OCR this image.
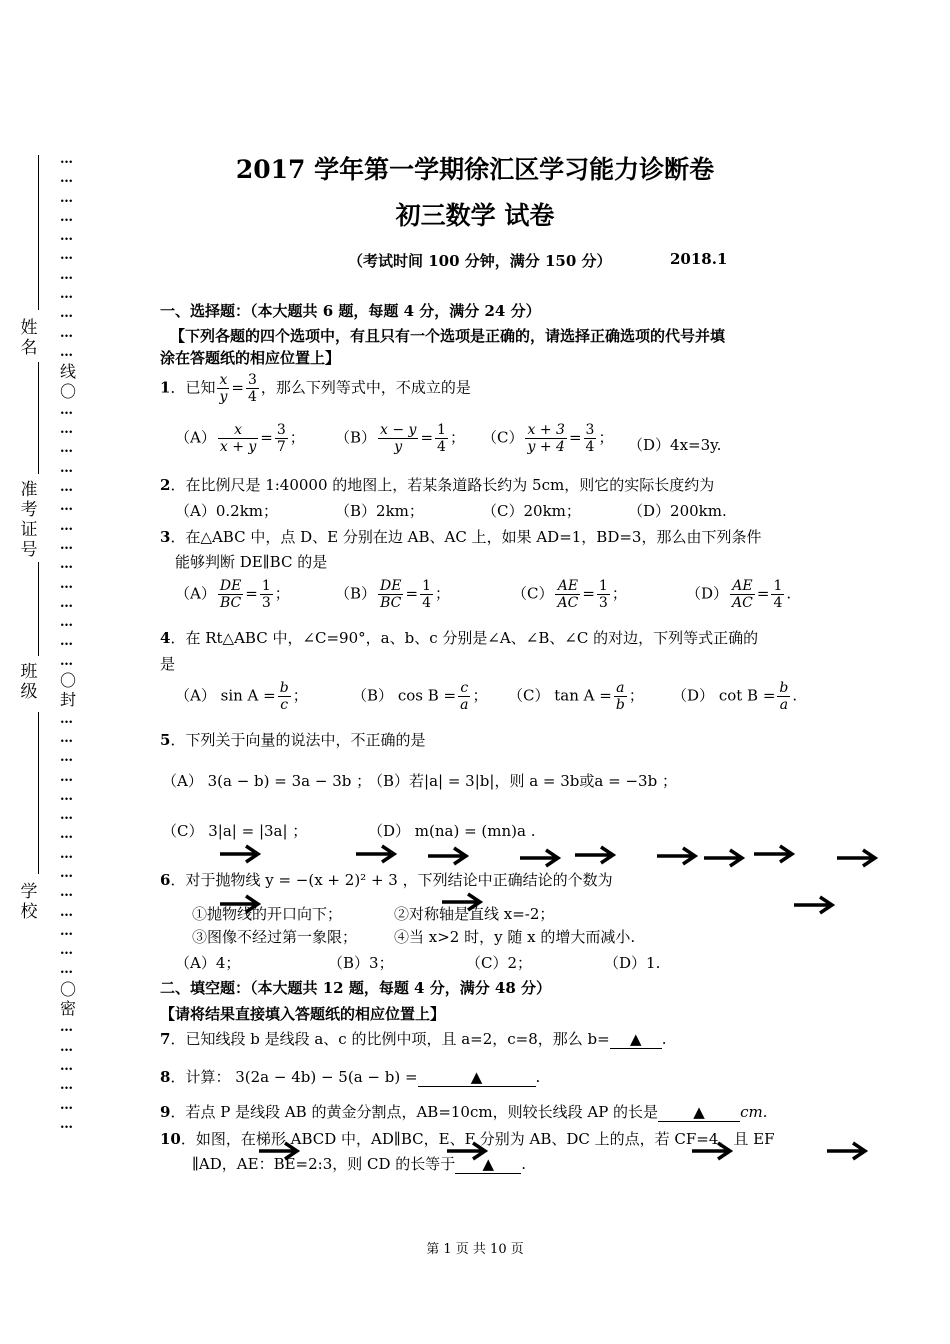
姓名
准考证号
班级
学校
…
…
…
…
…
…
…
…
…
…
…
线
〇
…
…
…
…
…
…
…
…
…
…
…
…
…
…
〇
封
…
…
…
…
…
…
…
…
…
…
…
…
…
…
〇
密
…
…
…
…
…
…
2017 学年第一学期徐汇区学习能力诊断卷
初三数学 试卷
（考试时间 100 分钟，满分 150 分）	2018.1
一、选择题：（本大题共 6 题，每题 4 分，满分 24 分）
【下列各题的四个选项中，有且只有一个选项是正确的，请选择正确选项的代号并填
涂在答题纸的相应位置上】
1．已知 $\frac{x}{y} = \frac{3}{4}$ ，那么下列等式中，不成立的是
$(A) \frac{x}{x + y} = \frac{3}{7}$ ； $(B) \frac{x - y}{y} = \frac{1}{4}$ ； $(C) \frac{x + 3}{y + 4} = \frac{3}{4}$ ； （D）4x=3y.
2．在比例尺是 1:40000 的地图上，若某条道路长约为 5cm，则它的实际长度约为
（A）0.2km；	（B）2km；	（C）20km；	（D）200km.
3．在△ABC 中，点 D、E 分别在边 AB、AC 上，如果 AD=1，BD=3，那么由下列条件
能够判断 DE∥BC 的是
$(A) \frac{DE}{BC} = \frac{1}{3}$ ；	$(B) \frac{DE}{BC} = \frac{1}{4}$ ；	$(C) \frac{AE}{AC} = \frac{1}{3}$ ；	$(D) \frac{AE}{AC} = \frac{1}{4}$ .
4．在 Rt△ABC 中，∠C=90°，a、b、c 分别是∠A、∠B、∠C 的对边，下列等式正确的
是
（A） $\sin A = \frac{b}{c}$ ；	（B） $\cos B = \frac{c}{a}$ ； （C） $\tan A = \frac{a}{b}$ ； （D） $\cot B = \frac{b}{a}$ .
5．下列关于向量的说法中，不正确的是
（A） 3(a − b) = 3a − 3b ；
（B）若|a| = 3|b|，则 a = 3b或a = −3b ；
（C） 3|a| = |3a| ；	（D） m(na) = (mn)a .
6．对于抛物线 y = −(x + 2)² + 3 ，下列结论中正确结论的个数为
①抛物线的开口向下；	②对称轴是直线 x=-2；
③图像不经过第一象限； ④当 x>2 时，y 随 x 的增大而减小.
（A）4；	（B）3；	（C）2；	（D）1.
二、填空题：（本大题共 12 题，每题 4 分，满分 48 分）
【请将结果直接填入答题纸的相应位置上】
7．已知线段 b 是线段 a、c 的比例中项，且 a=2，c=8，那么 b= ▲ .
8．计算： 3(2a − 4b) − 5(a − b) =	▲	.
9．若点 P 是线段 AB 的黄金分割点，AB=10cm，则较长线段 AP 的长是 ▲ cm.
10．如图，在梯形 ABCD 中，AD∥BC，E、F 分别为 AB、DC 上的点，若 CF=4，且 EF
∥AD，AE：BE=2:3，则 CD 的长等于 ▲ .
第 1 页 共 10 页
